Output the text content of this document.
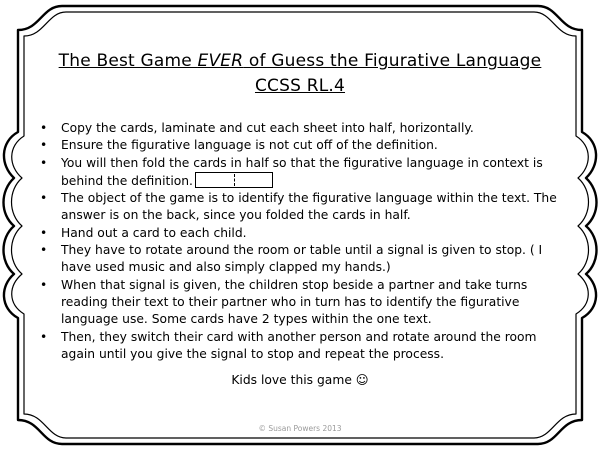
The Best Game EVER of Guess the Figurative Language
CCSS RL.4
• Copy the cards, laminate and cut each sheet into half, horizontally.
• Ensure the figurative language is not cut off of the definition.
• You will then fold the cards in half so that the figurative language in context is behind the definition.
• The object of the game is to identify the figurative language within the text. The answer is on the back, since you folded the cards in half.
• Hand out a card to each child.
• They have to rotate around the room or table until a signal is given to stop. ( I have used music and also simply clapped my hands.)
• When that signal is given, the children stop beside a partner and take turns reading their text to their partner who in turn has to identify the figurative language use. Some cards have 2 types within the one text.
• Then, they switch their card with another person and rotate around the room again until you give the signal to stop and repeat the process.
Kids love this game ☺
© Susan Powers 2013
